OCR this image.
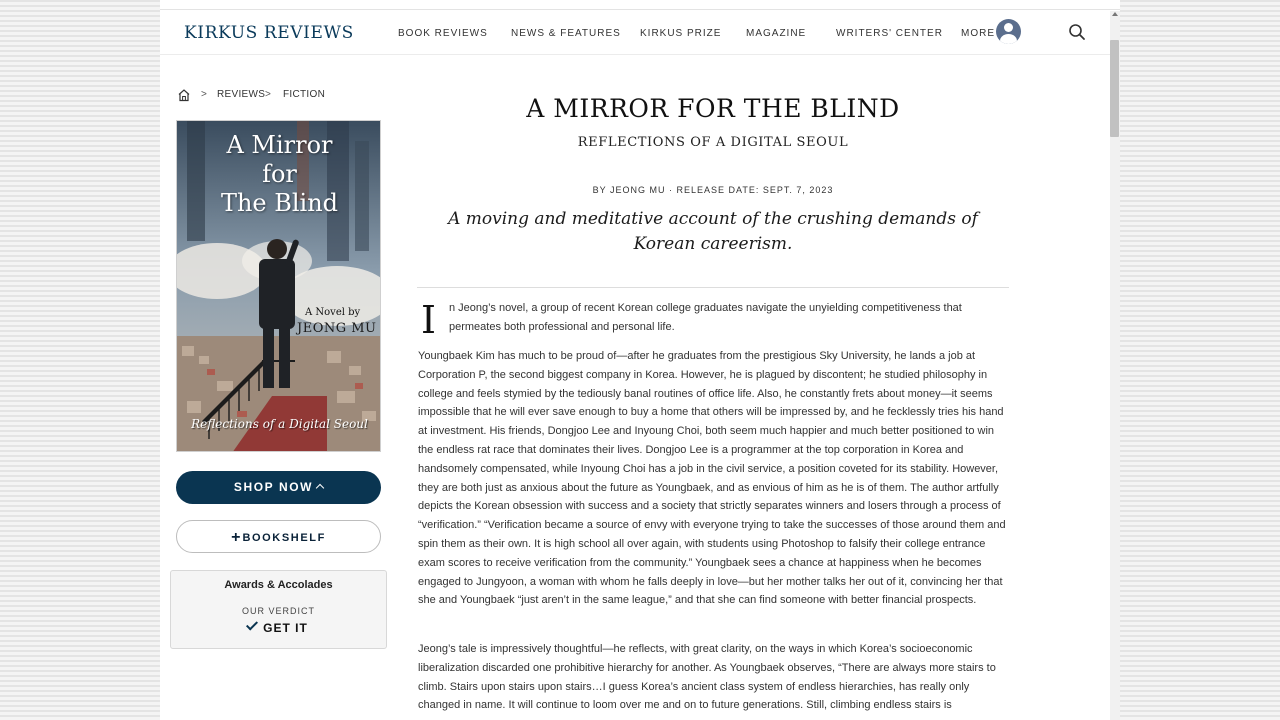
KIRKUS REVIEWS	BOOK REVIEWS NEWS & FEATURES KIRKUS PRIZE MAGAZINE	WRITERS' CENTER MORE
> REVIEWS > FICTION
A Mirror
for
The Blind
A Novel by
JEONG MU
Reflections of a Digital Seoul
SHOP NOW
+ BOOKSHELF
Awards & Accolades
OUR VERDICT
GET IT
A MIRROR FOR THE BLIND
REFLECTIONS OF A DIGITAL SEOUL
BY JEONG MU · RELEASE DATE: SEPT. 7, 2023
A moving and meditative account of the crushing demands of Korean careerism.
I n Jeong’s novel, a group of recent Korean college graduates navigate the unyielding competitiveness that permeates both professional and personal life.
Youngbaek Kim has much to be proud of—after he graduates from the prestigious Sky University, he lands a job at Corporation P, the second biggest company in Korea. However, he is plagued by discontent; he studied philosophy in college and feels stymied by the tediously banal routines of office life. Also, he constantly frets about money—it seems impossible that he will ever save enough to buy a home that others will be impressed by, and he fecklessly tries his hand at investment. His friends, Dongjoo Lee and Inyoung Choi, both seem much happier and much better positioned to win the endless rat race that dominates their lives. Dongjoo Lee is a programmer at the top corporation in Korea and handsomely compensated, while Inyoung Choi has a job in the civil service, a position coveted for its stability. However, they are both just as anxious about the future as Youngbaek, and as envious of him as he is of them. The author artfully depicts the Korean obsession with success and a society that strictly separates winners and losers through a process of “verification.” “Verification became a source of envy with everyone trying to take the successes of those around them and spin them as their own. It is high school all over again, with students using Photoshop to falsify their college entrance exam scores to receive verification from the community.” Youngbaek sees a chance at happiness when he becomes engaged to Jungyoon, a woman with whom he falls deeply in love—but her mother talks her out of it, convincing her that she and Youngbaek “just aren’t in the same league,” and that she can find someone with better financial prospects.
Jeong’s tale is impressively thoughtful—he reflects, with great clarity, on the ways in which Korea’s socioeconomic liberalization discarded one prohibitive hierarchy for another. As Youngbaek observes, “There are always more stairs to climb. Stairs upon stairs upon stairs…I guess Korea’s ancient class system of endless hierarchies, has really only changed in name. It will continue to loom over me and on to future generations. Still, climbing endless stairs is
